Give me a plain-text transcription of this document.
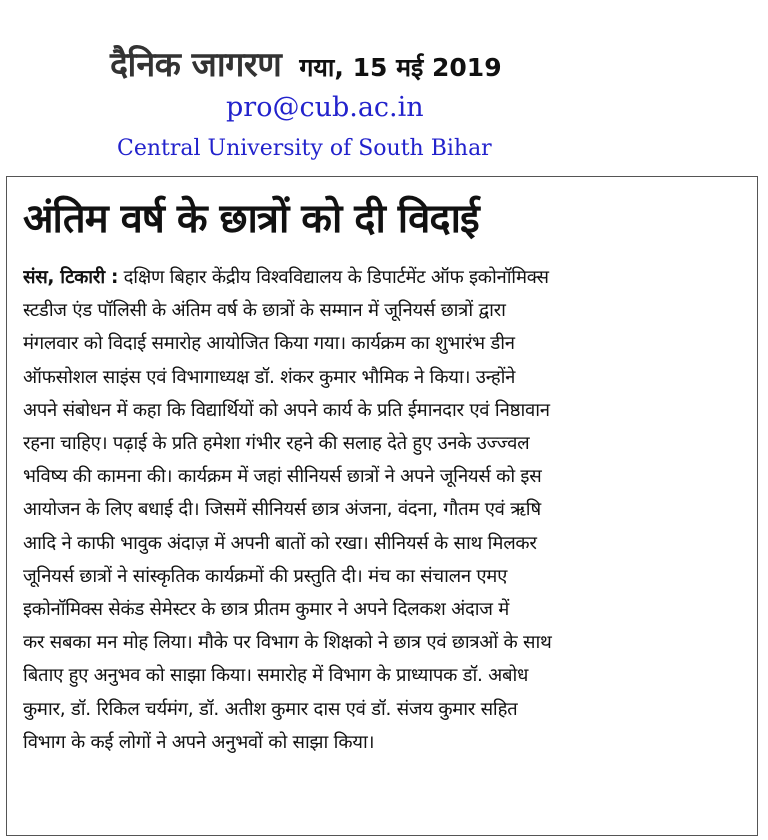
दैनिक जागरण गया, 15 मई 2019
pro@cub.ac.in
Central University of South Bihar
अंतिम वर्ष के छात्रों को दी विदाई
संस, टिकारी : दक्षिण बिहार केंद्रीय विश्वविद्यालय के डिपार्टमेंट ऑफ इकोनॉमिक्स
स्टडीज एंड पॉलिसी के अंतिम वर्ष के छात्रों के सम्मान में जूनियर्स छात्रों द्वारा
मंगलवार को विदाई समारोह आयोजित किया गया। कार्यक्रम का शुभारंभ डीन
ऑफसोशल साइंस एवं विभागाध्यक्ष डॉ. शंकर कुमार भौमिक ने किया। उन्होंने
अपने संबोधन में कहा कि विद्यार्थियों को अपने कार्य के प्रति ईमानदार एवं निष्ठावान
रहना चाहिए। पढ़ाई के प्रति हमेशा गंभीर रहने की सलाह देते हुए उनके उज्ज्वल
भविष्य की कामना की। कार्यक्रम में जहां सीनियर्स छात्रों ने अपने जूनियर्स को इस
आयोजन के लिए बधाई दी। जिसमें सीनियर्स छात्र अंजना, वंदना, गौतम एवं ऋषि
आदि ने काफी भावुक अंदाज़ में अपनी बातों को रखा। सीनियर्स के साथ मिलकर
जूनियर्स छात्रों ने सांस्कृतिक कार्यक्रमों की प्रस्तुति दी। मंच का संचालन एमए
इकोनॉमिक्स सेकंड सेमेस्टर के छात्र प्रीतम कुमार ने अपने दिलकश अंदाज में
कर सबका मन मोह लिया। मौके पर विभाग के शिक्षको ने छात्र एवं छात्रओं के साथ
बिताए हुए अनुभव को साझा किया। समारोह में विभाग के प्राध्यापक डॉ. अबोध
कुमार, डॉ. रिकिल चर्यमंग, डॉ. अतीश कुमार दास एवं डॉ. संजय कुमार सहित
विभाग के कई लोगों ने अपने अनुभवों को साझा किया।
